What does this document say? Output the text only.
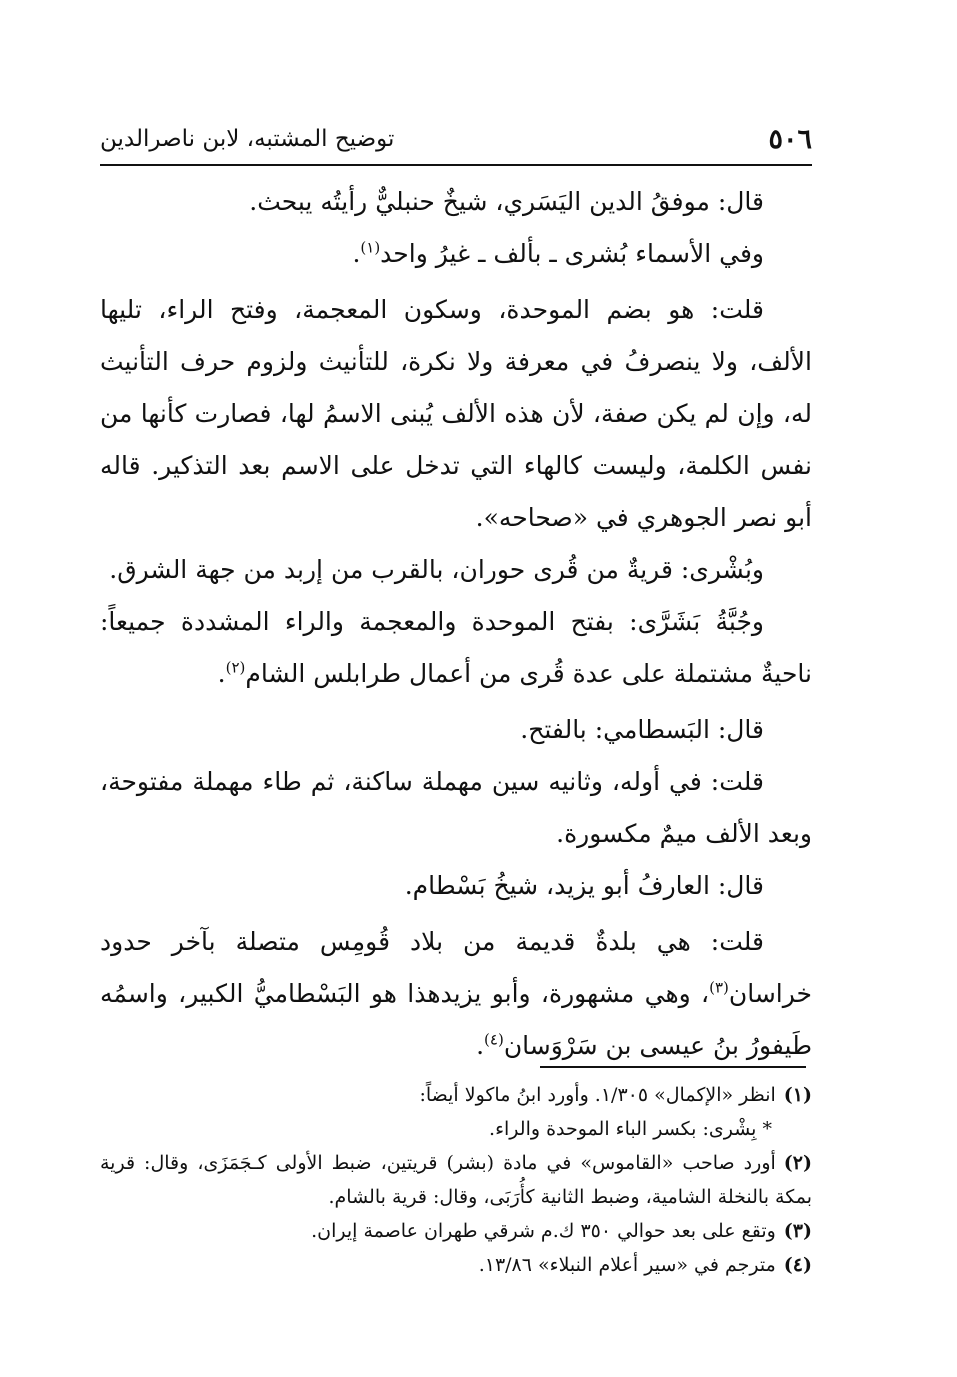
٥٠٦
توضيح المشتبه، لابن ناصرالدين

قال: موفقُ الدين اليَسَري، شيخٌ حنبليٌّ رأيتُه يبحث.

وفي الأسماء بُشرى ـ بألف ـ غيرُ واحد$^{(١)}$.

قلت: هو بضم الموحدة، وسكون المعجمة، وفتح الراء، تليها الألف، ولا ينصرفُ في معرفة ولا نكرة، للتأنيث ولزوم حرف التأنيث له، وإن لم يكن صفة، لأن هذه الألف يُبنى الاسمُ لها، فصارت كأنها من نفس الكلمة، وليست كالهاء التي تدخل على الاسم بعد التذكير. قاله أبو نصر الجوهري في «صحاحه».

وبُشْرى: قريةٌ من قُرى حوران، بالقرب من إربد من جهة الشرق.

وجُبَّةُ بَشَرَّى: بفتح الموحدة والمعجمة والراء المشددة جميعاً: ناحيةٌ مشتملة على عدة قُرى من أعمال طرابلس الشام$^{(٢)}$.

قال: البَسطامي: بالفتح.

قلت: في أوله، وثانيه سين مهملة ساكنة، ثم طاء مهملة مفتوحة، وبعد الألف ميمٌ مكسورة.

قال: العارفُ أبو يزيد، شيخُ بَسْطام.

قلت: هي بلدةٌ قديمة من بلاد قُومِس متصلة بآخر حدود خراسان$^{(٣)}$، وهي مشهورة، وأبو يزيدهذا هو البَسْطاميُّ الكبير، واسمُه طَيفورُ بنُ عيسى بن سَرْوَسان$^{(٤)}$.

(١)انظر «الإكمال» ١/٣٠٥. وأورد ابنُ ماكولا أيضاً:

* بِشْرى: بكسر الباء الموحدة والراء.

(٢)أورد صاحب «القاموس» في مادة (بشر) قريتين، ضبط الأولى كـجَمَزَى، وقال: قرية بمكة بالنخلة الشامية، وضبط الثانية كأُرَبَى، وقال: قرية بالشام.

(٣)وتقع على بعد حوالي ٣٥٠ ك.م شرقي طهران عاصمة إيران.

(٤)مترجم في «سير أعلام النبلاء» ١٣/٨٦.
